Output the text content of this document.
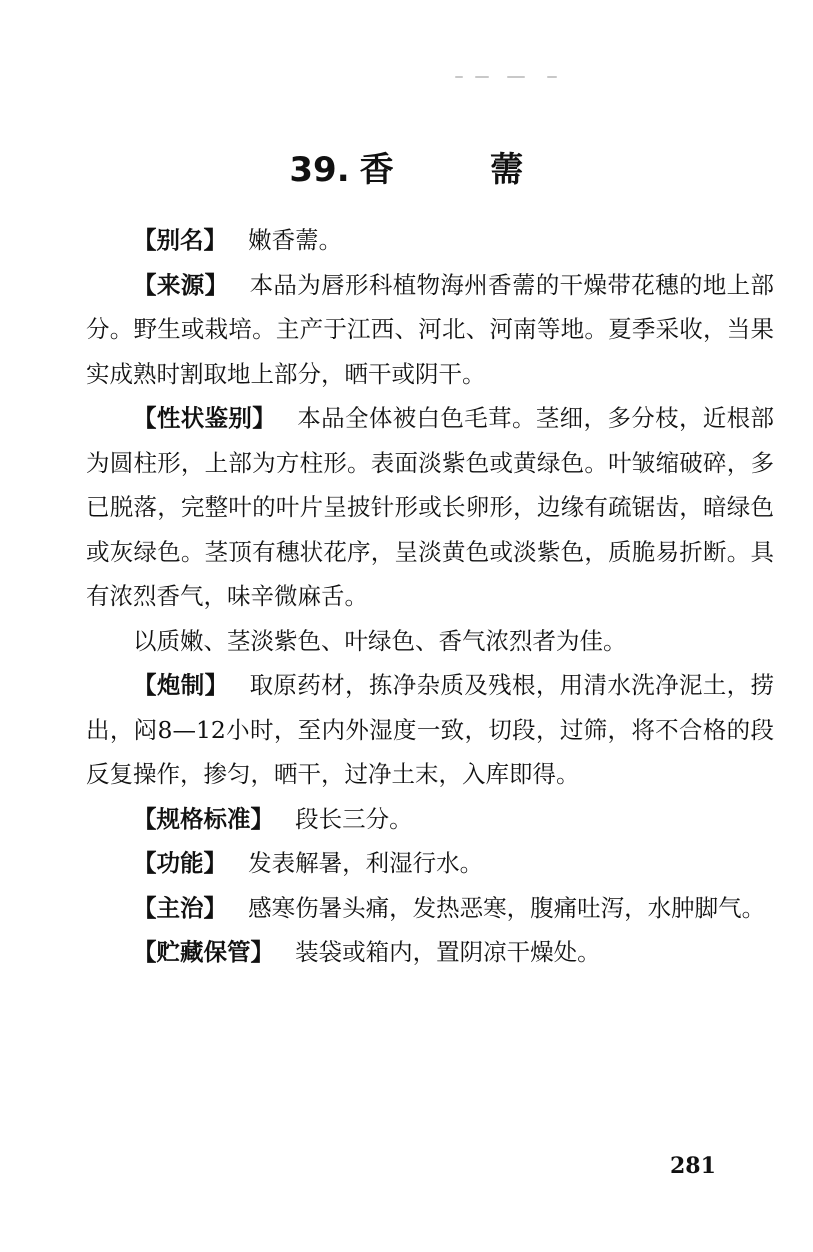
39. 香	薷

【别名】 嫩香薷。

【来源】 本品为唇形科植物海州香薷的干燥带花穗的地上部分。野生或栽培。主产于江西、河北、河南等地。夏季采收，当果实成熟时割取地上部分，晒干或阴干。

【性状鉴别】 本品全体被白色毛茸。茎细，多分枝，近根部为圆柱形，上部为方柱形。表面淡紫色或黄绿色。叶皱缩破碎，多已脱落，完整叶的叶片呈披针形或长卵形，边缘有疏锯齿，暗绿色或灰绿色。茎顶有穗状花序，呈淡黄色或淡紫色，质脆易折断。具有浓烈香气，味辛微麻舌。

以质嫩、茎淡紫色、叶绿色、香气浓烈者为佳。

【炮制】 取原药材，拣净杂质及残根，用清水洗净泥土，捞出，闷8—12小时，至内外湿度一致，切段，过筛，将不合格的段反复操作，掺匀，晒干，过净土末，入库即得。

【规格标准】 段长三分。

【功能】 发表解暑，利湿行水。

【主治】 感寒伤暑头痛，发热恶寒，腹痛吐泻，水肿脚气。

【贮藏保管】 装袋或箱内，置阴凉干燥处。

281
